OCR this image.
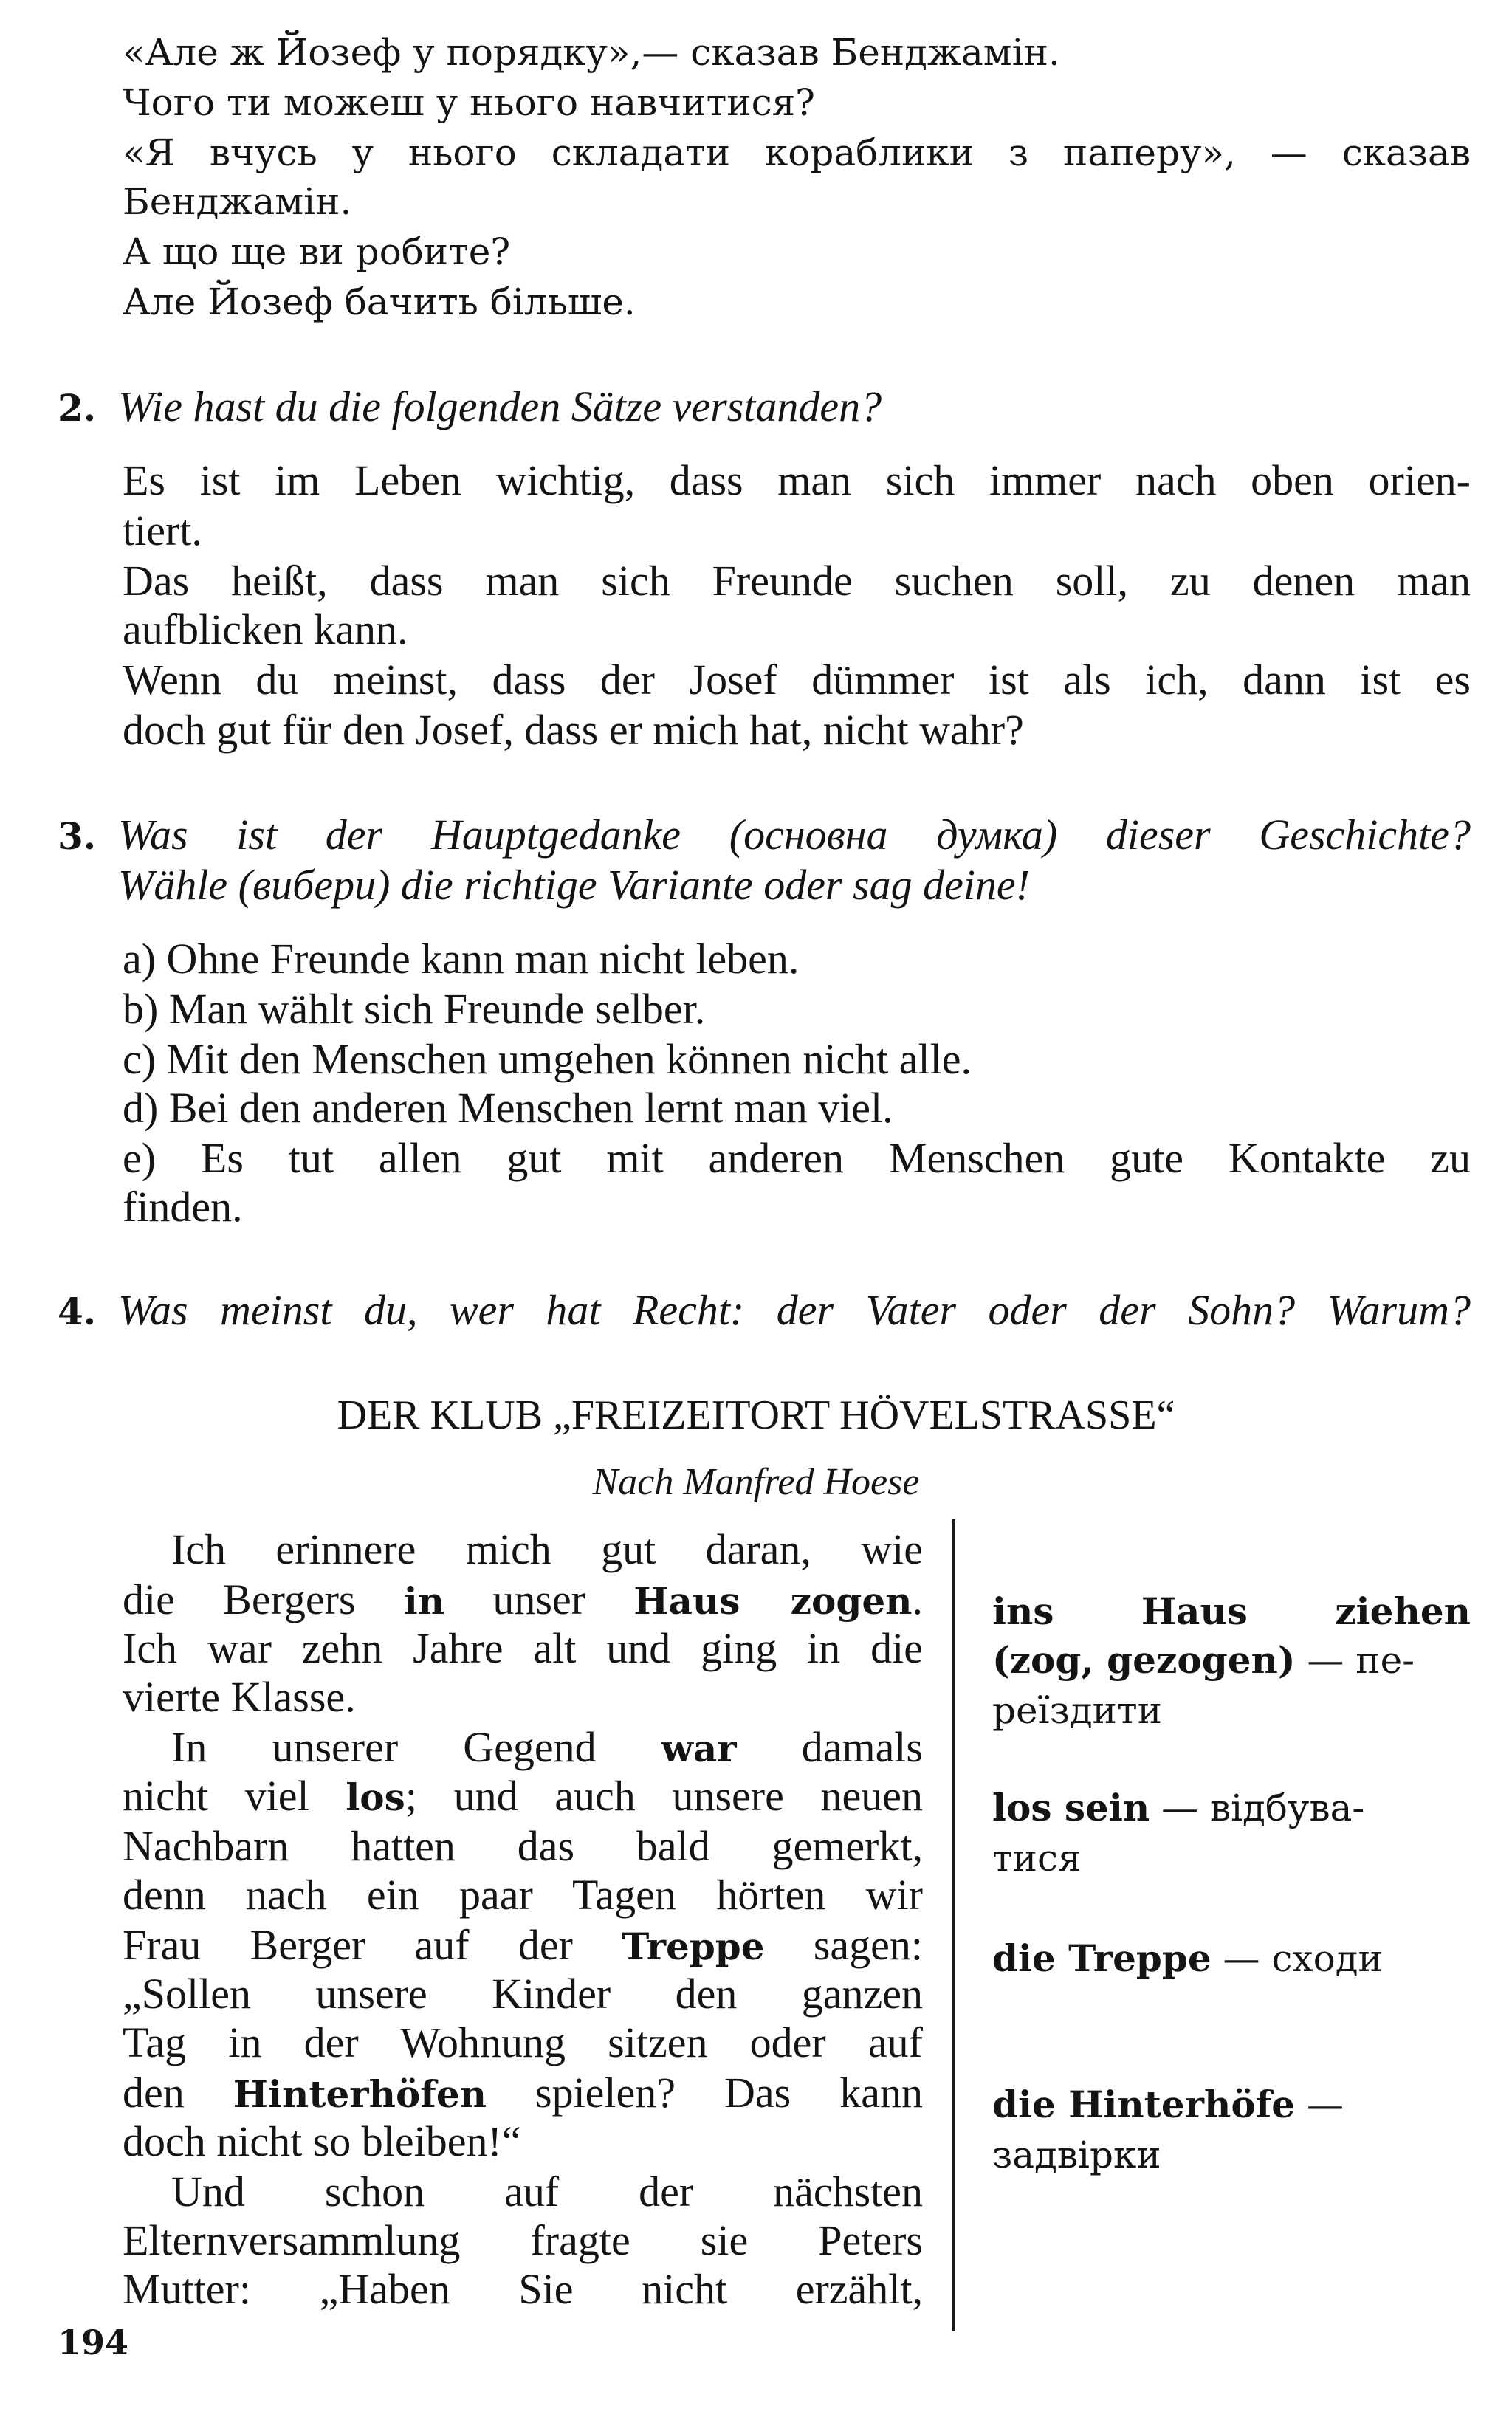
«Але ж Йозеф у порядку»,— сказав Бенджамін.

Чого ти можеш у нього навчитися?

«Я вчусь у нього складати кораблики з паперу», — сказав

Бенджамін.

А що ще ви робите?

Але Йозеф бачить більше.

2. Wie hast du die folgenden Sätze verstanden?

Es ist im Leben wichtig, dass man sich immer nach oben orien-

tiert.

Das heißt, dass man sich Freunde suchen soll, zu denen man

aufblicken kann.

Wenn du meinst, dass der Josef dümmer ist als ich, dann ist es

doch gut für den Josef, dass er mich hat, nicht wahr?

3. Was ist der Hauptgedanke (основна думка) dieser Geschichte?

Wähle (вибери) die richtige Variante oder sag deine!

a) Ohne Freunde kann man nicht leben.

b) Man wählt sich Freunde selber.

c) Mit den Menschen umgehen können nicht alle.

d) Bei den anderen Menschen lernt man viel.

e) Es tut allen gut mit anderen Menschen gute Kontakte zu

finden.

4. Was meinst du, wer hat Recht: der Vater oder der Sohn? Warum?

DER KLUB „FREIZEITORT HÖVELSTRASSE“

Nach Manfred Hoese

Ich erinnere mich gut daran, wie

die Bergers in unser Haus zogen.

Ich war zehn Jahre alt und ging in die

vierte Klasse.

In unserer Gegend war damals

nicht viel los; und auch unsere neuen

Nachbarn hatten das bald gemerkt,

denn nach ein paar Tagen hörten wir

Frau Berger auf der Treppe sagen:

„Sollen unsere Kinder den ganzen

Tag in der Wohnung sitzen oder auf

den Hinterhöfen spielen? Das kann

doch nicht so bleiben!“

Und schon auf der nächsten

Elternversammlung fragte sie Peters

Mutter: „Haben Sie nicht erzählt,

ins Haus ziehen

(zog, gezogen) — пе-

реїздити

los sein — відбува-

тися

die Treppe — сходи

die Hinterhöfe —

задвірки

194
